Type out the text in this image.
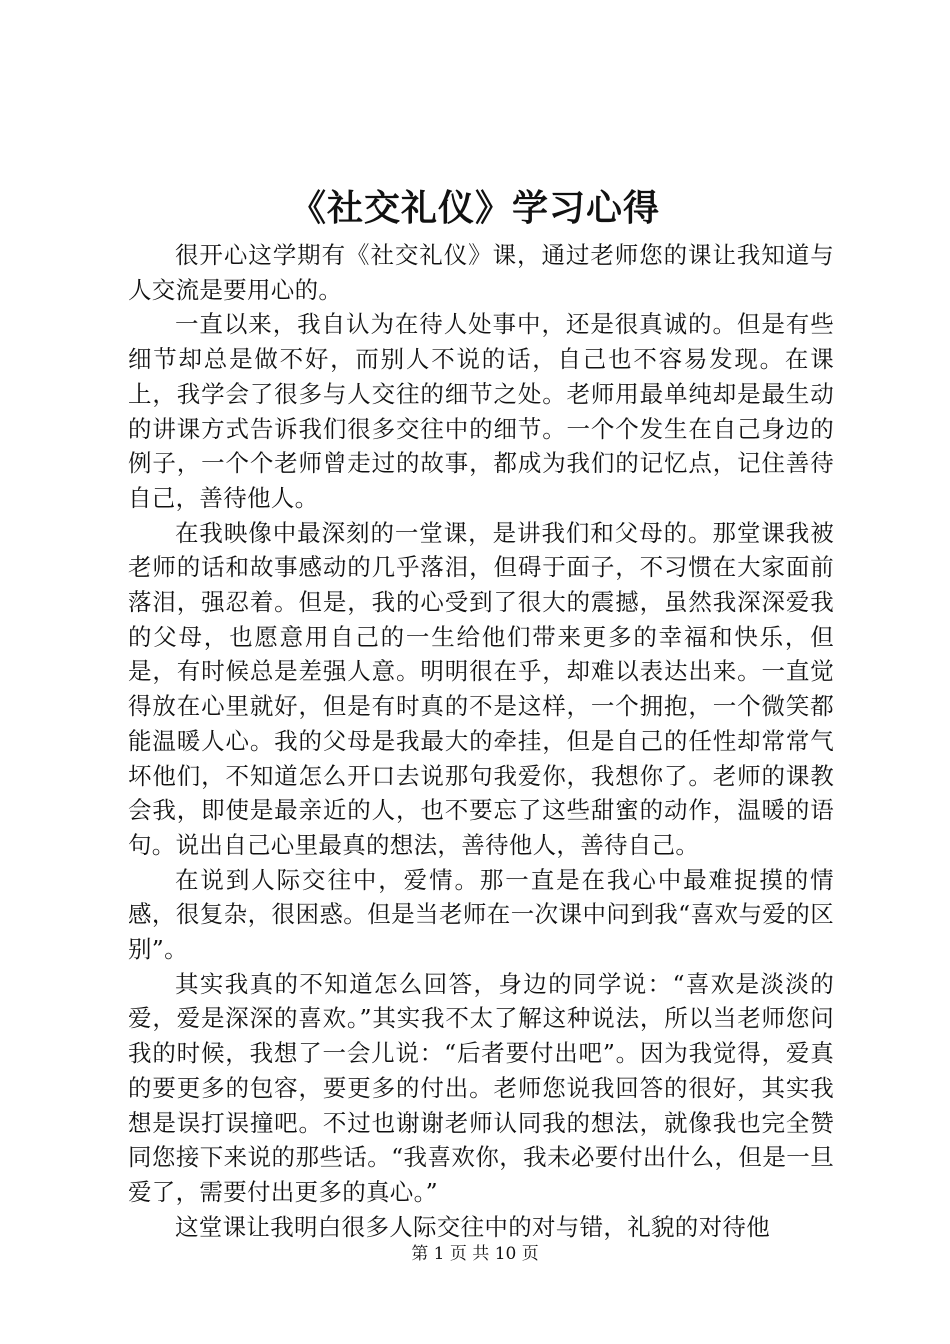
《社交礼仪》学习心得

很开心这学期有《社交礼仪》课，通过老师您的课让我知道与人交流是要用心的。

一直以来，我自认为在待人处事中，还是很真诚的。但是有些细节却总是做不好，而别人不说的话，自己也不容易发现。在课上，我学会了很多与人交往的细节之处。老师用最单纯却是最生动的讲课方式告诉我们很多交往中的细节。一个个发生在自己身边的例子，一个个老师曾走过的故事，都成为我们的记忆点，记住善待自己，善待他人。

在我映像中最深刻的一堂课，是讲我们和父母的。那堂课我被老师的话和故事感动的几乎落泪，但碍于面子，不习惯在大家面前落泪，强忍着。但是，我的心受到了很大的震撼，虽然我深深爱我的父母，也愿意用自己的一生给他们带来更多的幸福和快乐，但是，有时候总是差强人意。明明很在乎，却难以表达出来。一直觉得放在心里就好，但是有时真的不是这样，一个拥抱，一个微笑都能温暖人心。我的父母是我最大的牵挂，但是自己的任性却常常气坏他们，不知道怎么开口去说那句我爱你，我想你了。老师的课教会我，即使是最亲近的人，也不要忘了这些甜蜜的动作，温暖的语句。说出自己心里最真的想法，善待他人，善待自己。

在说到人际交往中，爱情。那一直是在我心中最难捉摸的情感，很复杂，很困惑。但是当老师在一次课中问到我“喜欢与爱的区别”。

其实我真的不知道怎么回答，身边的同学说：“喜欢是淡淡的爱，爱是深深的喜欢。”其实我不太了解这种说法，所以当老师您问我的时候，我想了一会儿说：“后者要付出吧”。因为我觉得，爱真的要更多的包容，要更多的付出。老师您说我回答的很好，其实我想是误打误撞吧。不过也谢谢老师认同我的想法，就像我也完全赞同您接下来说的那些话。“我喜欢你，我未必要付出什么，但是一旦爱了，需要付出更多的真心。”

这堂课让我明白很多人际交往中的对与错，礼貌的对待他

第 1 页 共 10 页
